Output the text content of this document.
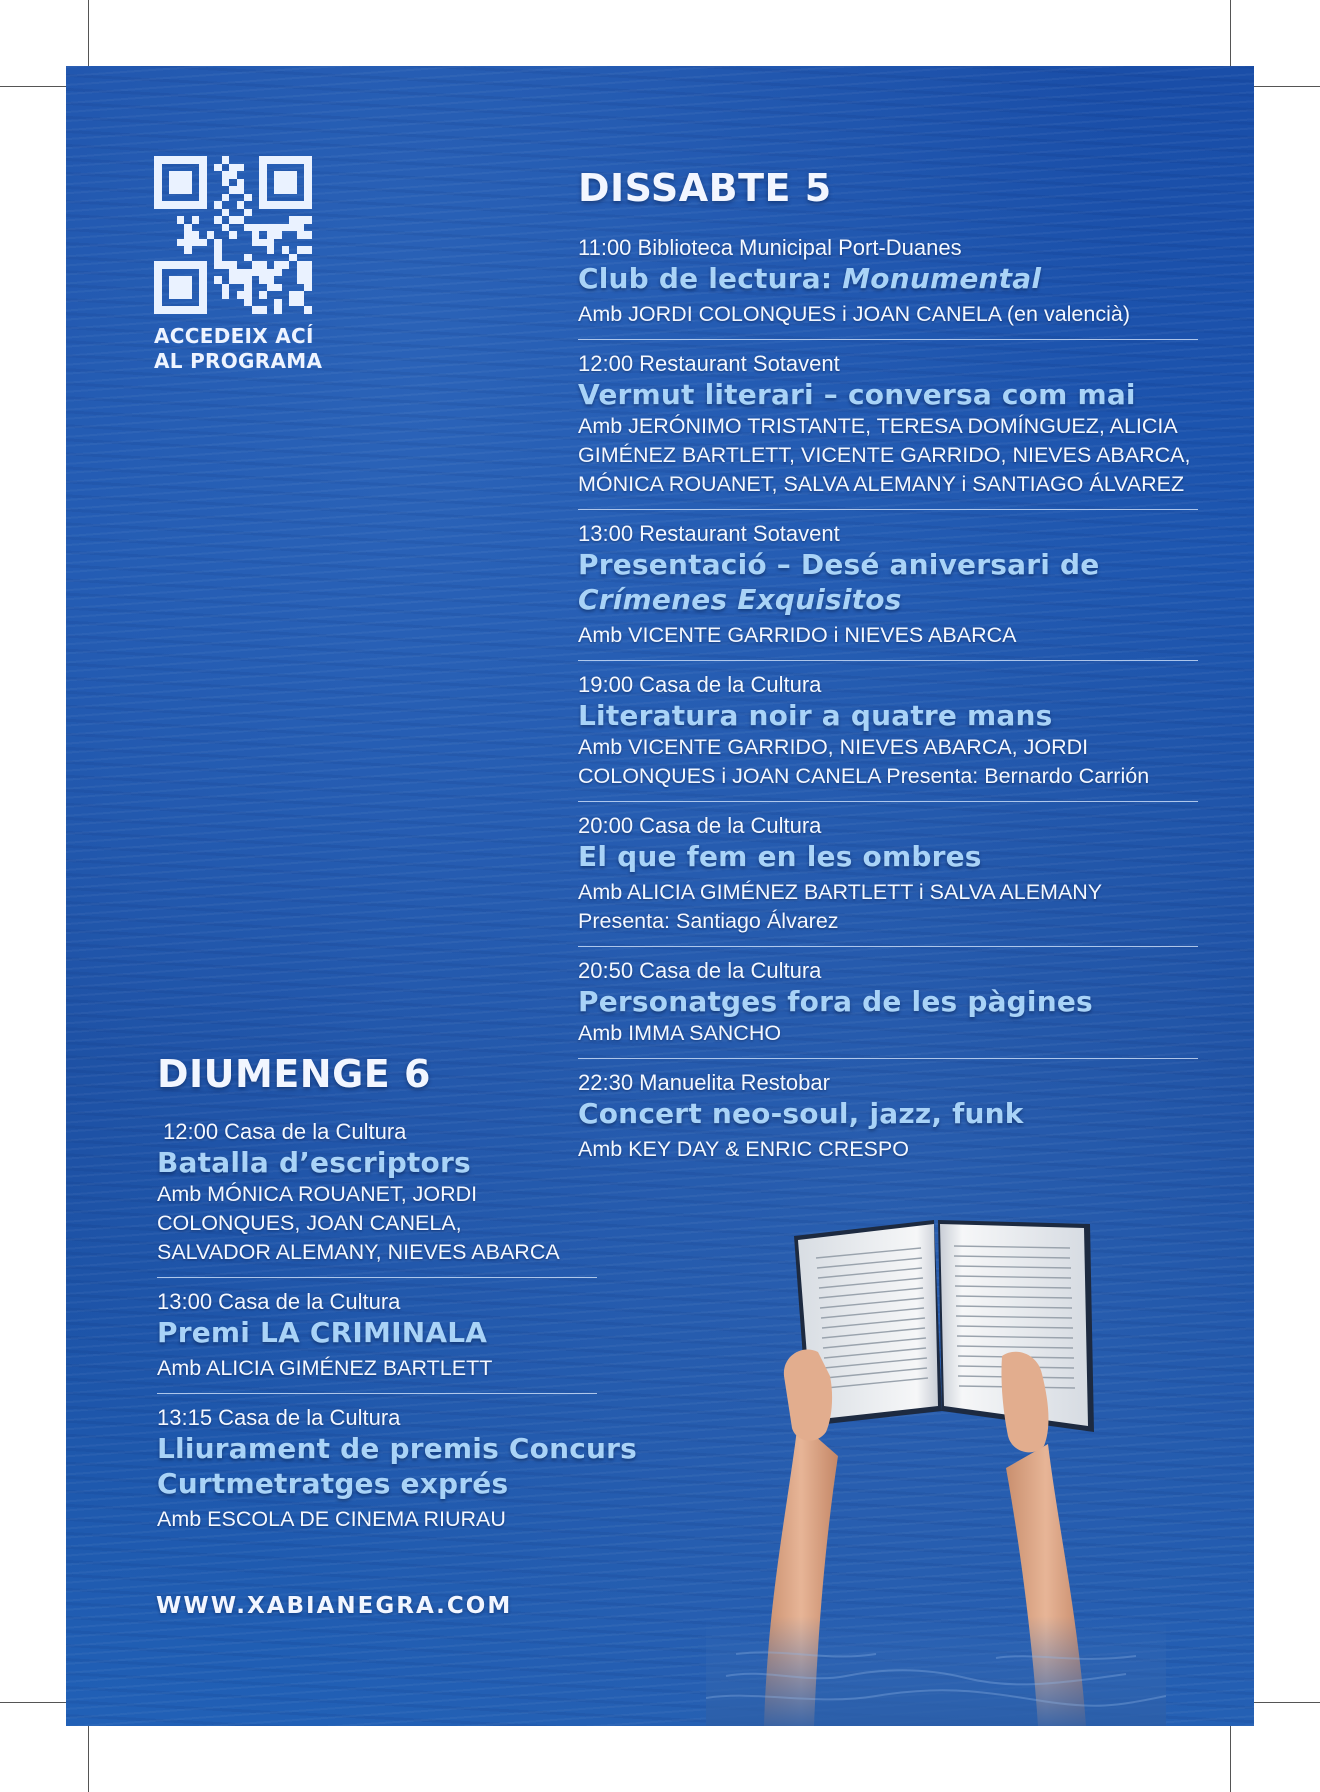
ACCEDEIX ACÍ
AL PROGRAMA
DISSABTE 5
11:00 Biblioteca Municipal Port-Duanes
Club de lectura: Monumental
Amb JORDI COLONQUES i JOAN CANELA (en valencià)
12:00 Restaurant Sotavent
Vermut literari – conversa com mai
Amb JERÓNIMO TRISTANTE, TERESA DOMÍNGUEZ, ALICIA
GIMÉNEZ BARTLETT, VICENTE GARRIDO, NIEVES ABARCA,
MÓNICA ROUANET, SALVA ALEMANY i SANTIAGO ÁLVAREZ
13:00 Restaurant Sotavent
Presentació – Desé aniversari de
Crímenes Exquisitos
Amb VICENTE GARRIDO i NIEVES ABARCA
19:00 Casa de la Cultura
Literatura noir a quatre mans
Amb VICENTE GARRIDO, NIEVES ABARCA, JORDI
COLONQUES i JOAN CANELA Presenta: Bernardo Carrión
20:00 Casa de la Cultura
El que fem en les ombres
Amb ALICIA GIMÉNEZ BARTLETT i SALVA ALEMANY
Presenta: Santiago Álvarez
20:50 Casa de la Cultura
Personatges fora de les pàgines
Amb IMMA SANCHO
22:30 Manuelita Restobar
Concert neo-soul, jazz, funk
Amb KEY DAY & ENRIC CRESPO
DIUMENGE 6
12:00 Casa de la Cultura
Batalla d’escriptors
Amb MÓNICA ROUANET, JORDI
COLONQUES, JOAN CANELA,
SALVADOR ALEMANY, NIEVES ABARCA
13:00 Casa de la Cultura
Premi LA CRIMINALA
Amb ALICIA GIMÉNEZ BARTLETT
13:15 Casa de la Cultura
Lliurament de premis Concurs
Curtmetratges exprés
Amb ESCOLA DE CINEMA RIURAU
WWW.XABIANEGRA.COM
